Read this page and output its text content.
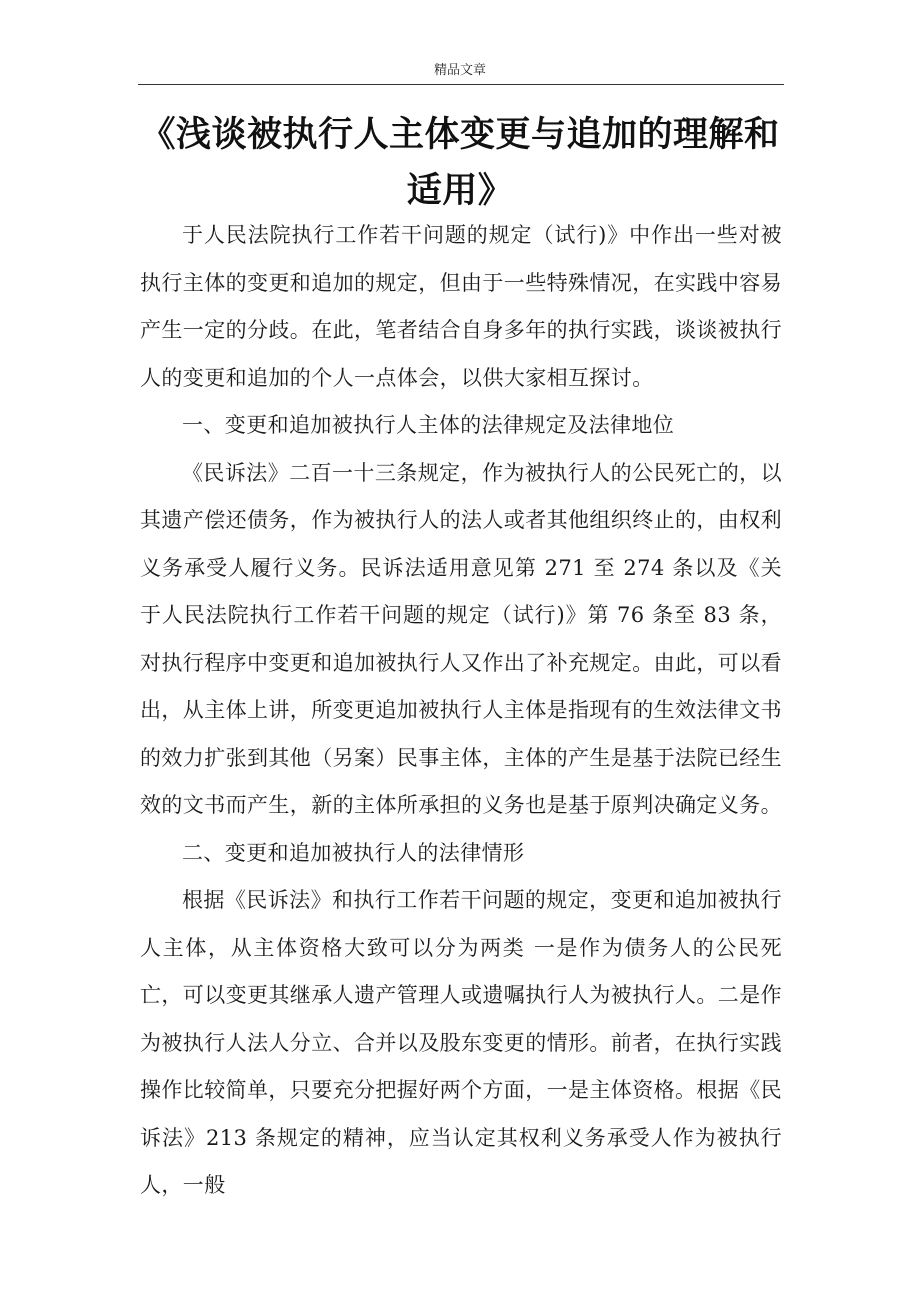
精品文章
《浅谈被执行人主体变更与追加的理解和
适用》

于人民法院执行工作若干问题的规定（试行)》中作出一些对被执行主体的变更和追加的规定，但由于一些特殊情况，在实践中容易产生一定的分歧。在此，笔者结合自身多年的执行实践，谈谈被执行人的变更和追加的个人一点体会，以供大家相互探讨。

一、变更和追加被执行人主体的法律规定及法律地位

《民诉法》二百一十三条规定，作为被执行人的公民死亡的，以其遗产偿还债务，作为被执行人的法人或者其他组织终止的，由权利义务承受人履行义务。民诉法适用意见第 271 至 274 条以及《关于人民法院执行工作若干问题的规定（试行)》第 76 条至 83 条，对执行程序中变更和追加被执行人又作出了补充规定。由此，可以看出，从主体上讲，所变更追加被执行人主体是指现有的生效法律文书的效力扩张到其他（另案）民事主体，主体的产生是基于法院已经生效的文书而产生，新的主体所承担的义务也是基于原判决确定义务。

二、变更和追加被执行人的法律情形

根据《民诉法》和执行工作若干问题的规定，变更和追加被执行人主体，从主体资格大致可以分为两类 一是作为债务人的公民死亡，可以变更其继承人遗产管理人或遗嘱执行人为被执行人。二是作为被执行人法人分立、合并以及股东变更的情形。前者，在执行实践操作比较简单，只要充分把握好两个方面，一是主体资格。根据《民诉法》213 条规定的精神，应当认定其权利义务承受人作为被执行人，一般
